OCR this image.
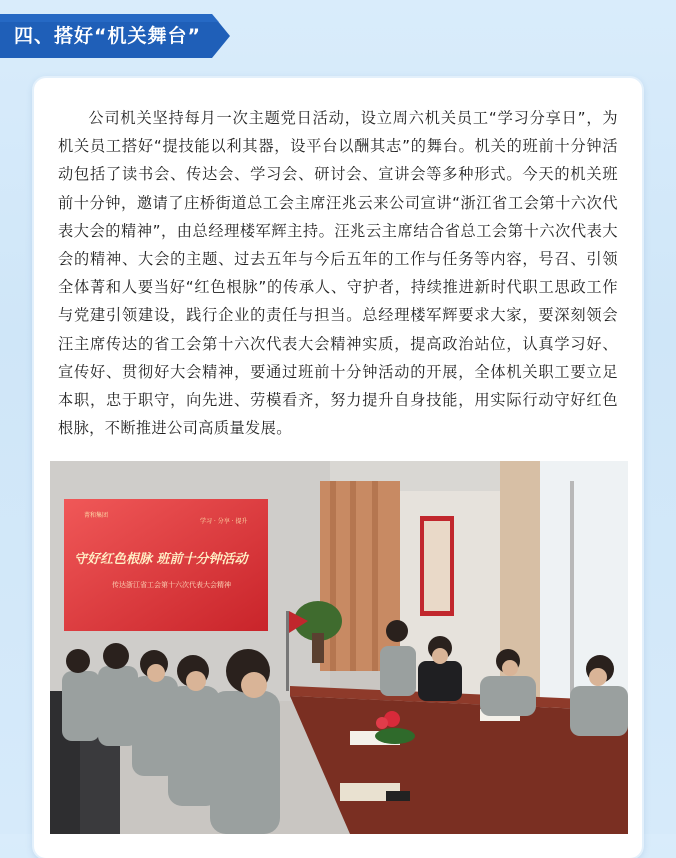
四、搭好“机关舞台”

公司机关坚持每月一次主题党日活动，设立周六机关员工“学习分享日”，为机关员工搭好“提技能以利其器，设平台以酬其志”的舞台。机关的班前十分钟活动包括了读书会、传达会、学习会、研讨会、宣讲会等多种形式。今天的机关班前十分钟，邀请了庄桥街道总工会主席汪兆云来公司宣讲“浙江省工会第十六次代表大会的精神”，由总经理楼军辉主持。汪兆云主席结合省总工会第十六次代表大会的精神、大会的主题、过去五年与今后五年的工作与任务等内容，号召、引领全体菁和人要当好“红色根脉”的传承人、守护者，持续推进新时代职工思政工作与党建引领建设，践行企业的责任与担当。总经理楼军辉要求大家，要深刻领会汪主席传达的省工会第十六次代表大会精神实质，提高政治站位，认真学习好、宣传好、贯彻好大会精神，要通过班前十分钟活动的开展，全体机关职工要立足本职，忠于职守，向先进、劳模看齐，努力提升自身技能，用实际行动守好红色根脉，不断推进公司高质量发展。

菁和集团
学习 · 分享 · 提升
守好红色根脉 班前十分钟活动
传达浙江省工会第十六次代表大会精神
